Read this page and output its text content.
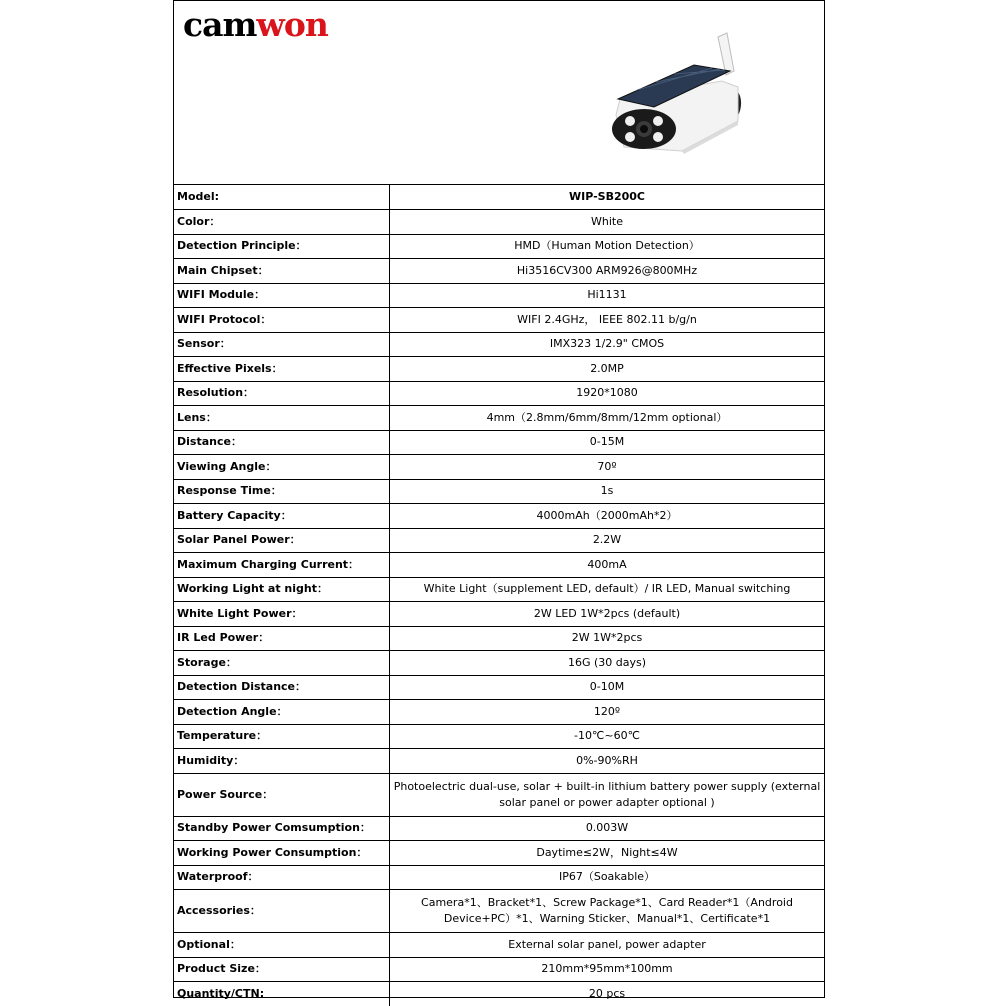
camwon
Model:	WIP-SB200C
Color：	White
Detection Principle：	HMD（Human Motion Detection）
Main Chipset：	Hi3516CV300 ARM926@800MHz
WIFI Module：	Hi1131
WIFI Protocol：	WIFI 2.4GHz， IEEE 802.11 b/g/n
Sensor：	IMX323 1/2.9" CMOS
Effective Pixels：	2.0MP
Resolution：	1920*1080
Lens：	4mm（2.8mm/6mm/8mm/12mm optional）
Distance：	0-15M
Viewing Angle：	70º
Response Time：	1s
Battery Capacity：	4000mAh（2000mAh*2）
Solar Panel Power：	2.2W
Maximum Charging Current：	400mA
Working Light at night：	White Light（supplement LED, default）/ IR LED, Manual switching
White Light Power：	2W LED 1W*2pcs (default)
IR Led Power：	2W 1W*2pcs
Storage：	16G (30 days)
Detection Distance：	0-10M
Detection Angle：	120º
Temperature：	-10℃~60℃
Humidity：	0%-90%RH
Power Source：	Photoelectric dual-use, solar + built-in lithium battery power supply (external solar panel or power adapter optional )
Standby Power Comsumption：	0.003W
Working Power Consumption：	Daytime≤2W，Night≤4W
Waterproof：	IP67（Soakable）
Accessories：	Camera*1、Bracket*1、Screw Package*1、Card Reader*1（Android Device+PC）*1、Warning Sticker、Manual*1、Certificate*1
Optional：	External solar panel, power adapter
Product Size：	210mm*95mm*100mm
Quantity/CTN:	20 pcs
